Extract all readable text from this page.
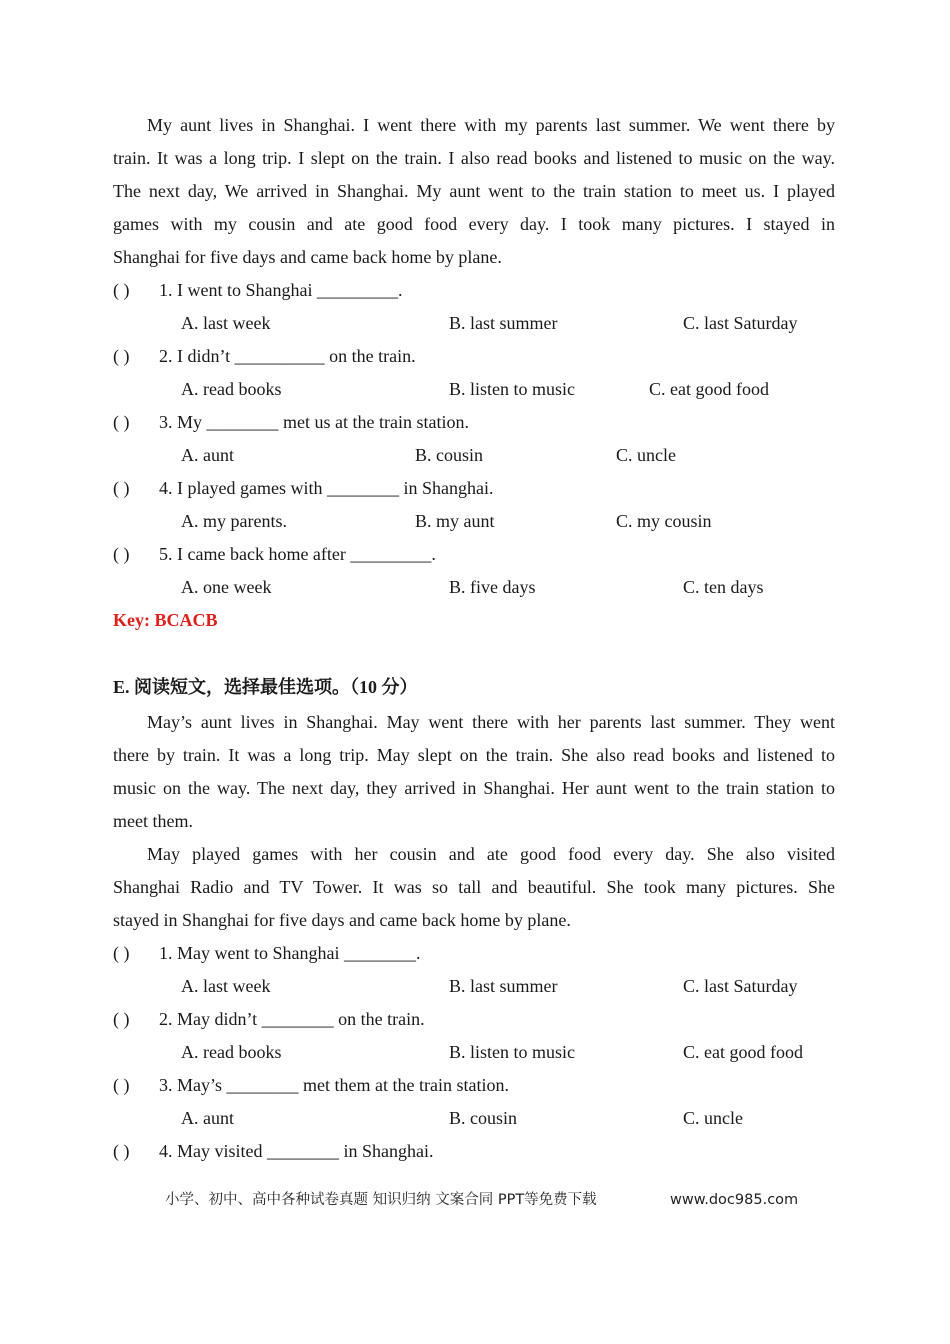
My aunt lives in Shanghai. I went there with my parents last summer. We went there by
train. It was a long trip. I slept on the train. I also read books and listened to music on the way.
The next day, We arrived in Shanghai. My aunt went to the train station to meet us. I played
games with my cousin and ate good food every day. I took many pictures. I stayed in
Shanghai for five days and came back home by plane.
( ) 1. I went to Shanghai _________.
A. last week	B. last summer	C. last Saturday
( ) 2. I didn’t __________ on the train.
A. read books	B. listen to music	C. eat good food
( ) 3. My ________ met us at the train station.
A. aunt	B. cousin	C. uncle
( ) 4. I played games with ________ in Shanghai.
A. my parents.	B. my aunt	C. my cousin
( ) 5. I came back home after _________.
A. one week	B. five days	C. ten days
Key: BCACB
E. 阅读短文，选择最佳选项。（10 分）
May’s aunt lives in Shanghai. May went there with her parents last summer. They went
there by train. It was a long trip. May slept on the train. She also read books and listened to
music on the way. The next day, they arrived in Shanghai. Her aunt went to the train station to
meet them.
May played games with her cousin and ate good food every day. She also visited
Shanghai Radio and TV Tower. It was so tall and beautiful. She took many pictures. She
stayed in Shanghai for five days and came back home by plane.
( ) 1. May went to Shanghai ________.
A. last week	B. last summer	C. last Saturday
( ) 2. May didn’t ________ on the train.
A. read books	B. listen to music	C. eat good food
( ) 3. May’s ________ met them at the train station.
A. aunt	B. cousin	C. uncle
( ) 4. May visited ________ in Shanghai.
小学、初中、高中各种试卷真题 知识归纳 文案合同 PPT等免费下载	www.doc985.com
